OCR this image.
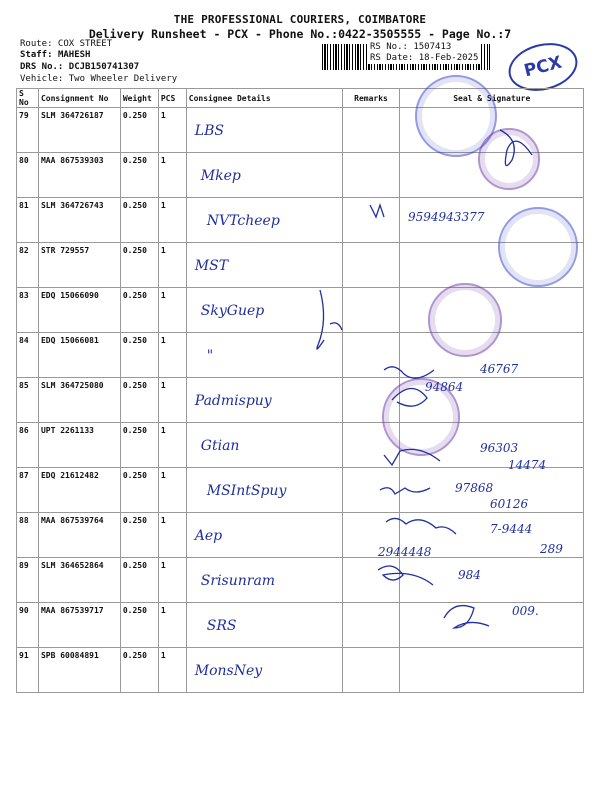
THE PROFESSIONAL COURIERS, COIMBATORE
Delivery Runsheet - PCX - Phone No.:0422-3505555 - Page No.:7
Route: COX STREET
Staff: MAHESH
DRS No.: DCJB150741307
Vehicle: Two Wheeler Delivery
RS No.: 1507413
RS Date: 18-Feb-2025	PCX
S No	Consignment No	Weight	PCS	Consignee Details	Remarks	Seal & Signature
79	SLM 364726187	0.250	1	LBS		
80	MAA 867539303	0.250	1	Mkep		
81	SLM 364726743	0.250	1	NVTcheep		
82	STR 729557	0.250	1	MST		
83	EDQ 15066090	0.250	1	SkyGuep		
84	EDQ 15066081	0.250	1	"		
85	SLM 364725080	0.250	1	Padmispuy		
86	UPT 2261133	0.250	1	Gtian		
87	EDQ 21612482	0.250	1	MSIntSpuy		
88	MAA 867539764	0.250	1	Aep		
89	SLM 364652864	0.250	1	Srisunram		
90	MAA 867539717	0.250	1	SRS		
91	SPB 60084891	0.250	1	MonsNey		
9594943377
46767
94864
96303
14474
97868
60126
7-9444
289
2944448
984
009.
